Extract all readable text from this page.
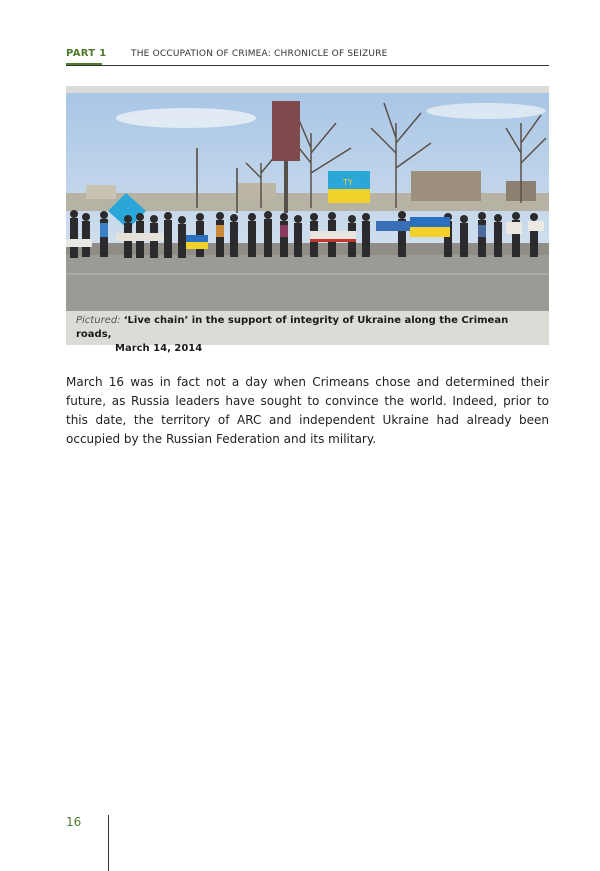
PART 1	THE OCCUPATION OF CRIMEA: CHRONICLE OF SEIZURE
ΤΥ
Pictured: ‘Live chain’ in the support of integrity of Ukraine along the Crimean roads,
March 14, 2014

March 16 was in fact not a day when Crimeans chose and determined their future, as Russia leaders have sought to convince the world. Indeed, prior to this date, the territory of ARC and independent Ukraine had already been occupied by the Russian Federation and its military.

16
